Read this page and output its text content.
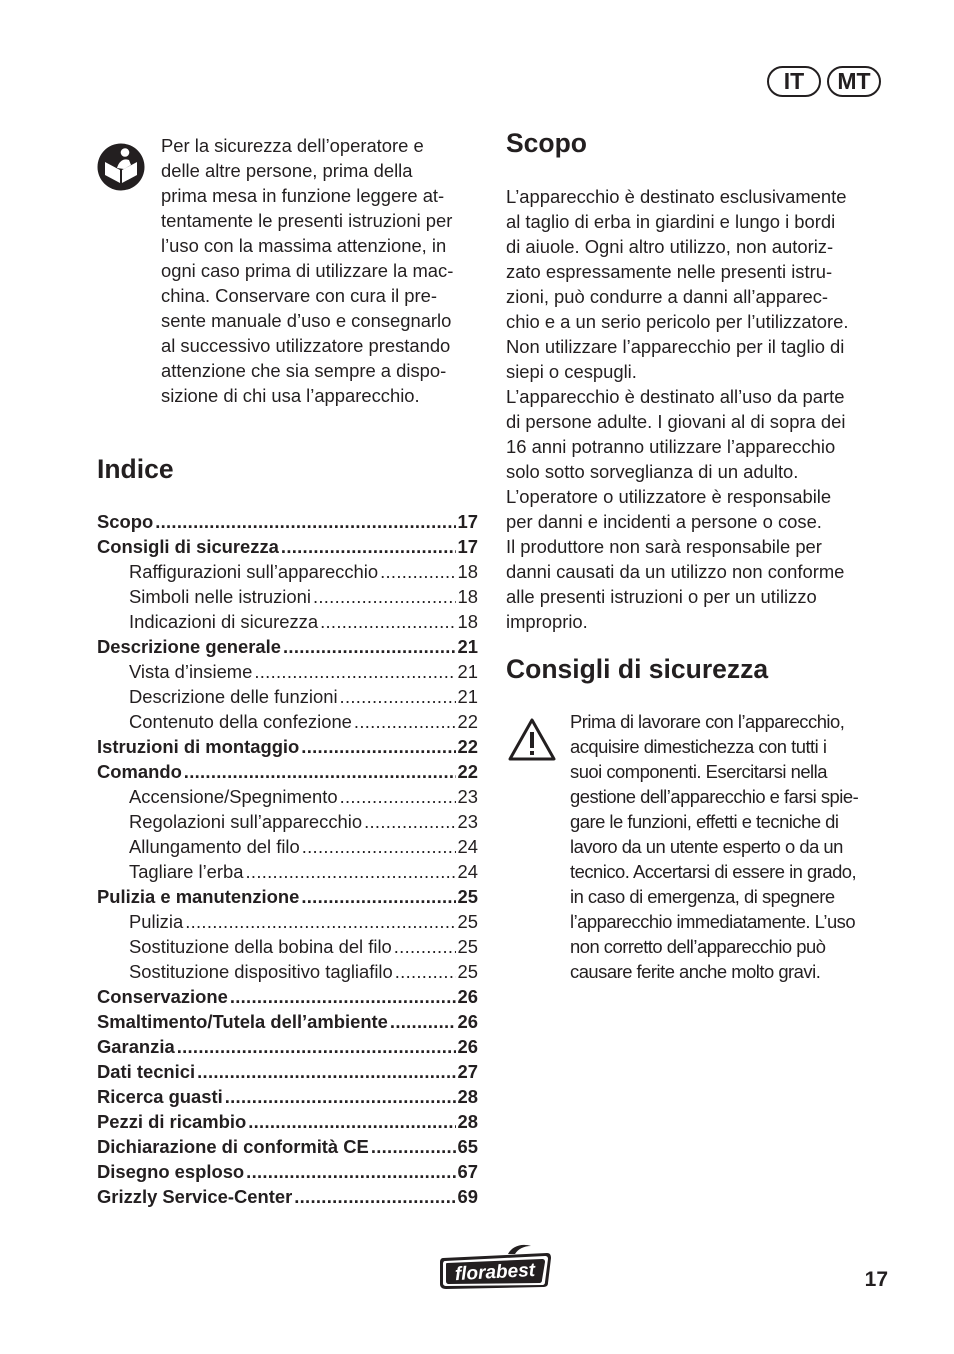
IT	MT
Per la sicurezza dell’operatore e
delle altre persone, prima della
prima mesa in funzione leggere at-
tentamente le presenti istruzioni per
l’uso con la massima attenzione, in
ogni caso prima di utilizzare la mac-
china. Conservare con cura il pre-
sente manuale d’uso e consegnarlo
al successivo utilizzatore prestando
attenzione che sia sempre a dispo-
sizione di chi usa l’apparecchio.
Indice
Scopo .....	17
Consigli di sicurezza .....	17
Raffigurazioni sull’apparecchio .....	18
Simboli nelle istruzioni .....	18
Indicazioni di sicurezza .....	18
Descrizione generale .....	21
Vista d’insieme .....	21
Descrizione delle funzioni .....	21
Contenuto della confezione .....	22
Istruzioni di montaggio .....	22
Comando .....	22
Accensione/Spegnimento .....	23
Regolazioni sull’apparecchio .....	23
Allungamento del filo .....	24
Tagliare l’erba .....	24
Pulizia e manutenzione .....	25
Pulizia .....	25
Sostituzione della bobina del filo .....	25
Sostituzione dispositivo tagliafilo .....	25
Conservazione .....	26
Smaltimento/Tutela dell’ambiente .....	26
Garanzia .....	26
Dati tecnici .....	27
Ricerca guasti .....	28
Pezzi di ricambio .....	28
Dichiarazione di conformità CE .....	65
Disegno esploso .....	67
Grizzly Service-Center .....	69
Scopo
L’apparecchio è destinato esclusivamente
al taglio di erba in giardini e lungo i bordi
di aiuole. Ogni altro utilizzo, non autoriz-
zato espressamente nelle presenti istru-
zioni, può condurre a danni all’apparec-
chio e a un serio pericolo per l’utilizzatore.
Non utilizzare l’apparecchio per il taglio di
siepi o cespugli.
L’apparecchio è destinato all’uso da parte
di persone adulte. I giovani al di sopra dei
16 anni potranno utilizzare l’apparecchio
solo sotto sorveglianza di un adulto.
L’operatore o utilizzatore è responsabile
per danni e incidenti a persone o cose.
Il produttore non sarà responsabile per
danni causati da un utilizzo non conforme
alle presenti istruzioni o per un utilizzo
improprio.
Consigli di sicurezza
Prima di lavorare con l’apparecchio,
acquisire dimestichezza con tutti i
suoi componenti. Esercitarsi nella
gestione dell’apparecchio e farsi spie-
gare le funzioni, effetti e tecniche di
lavoro da un utente esperto o da un
tecnico. Accertarsi di essere in grado,
in caso di emergenza, di spegnere
l’apparecchio immediatamente. L’uso
non corretto dell’apparecchio può
causare ferite anche molto gravi.
florabest	17
